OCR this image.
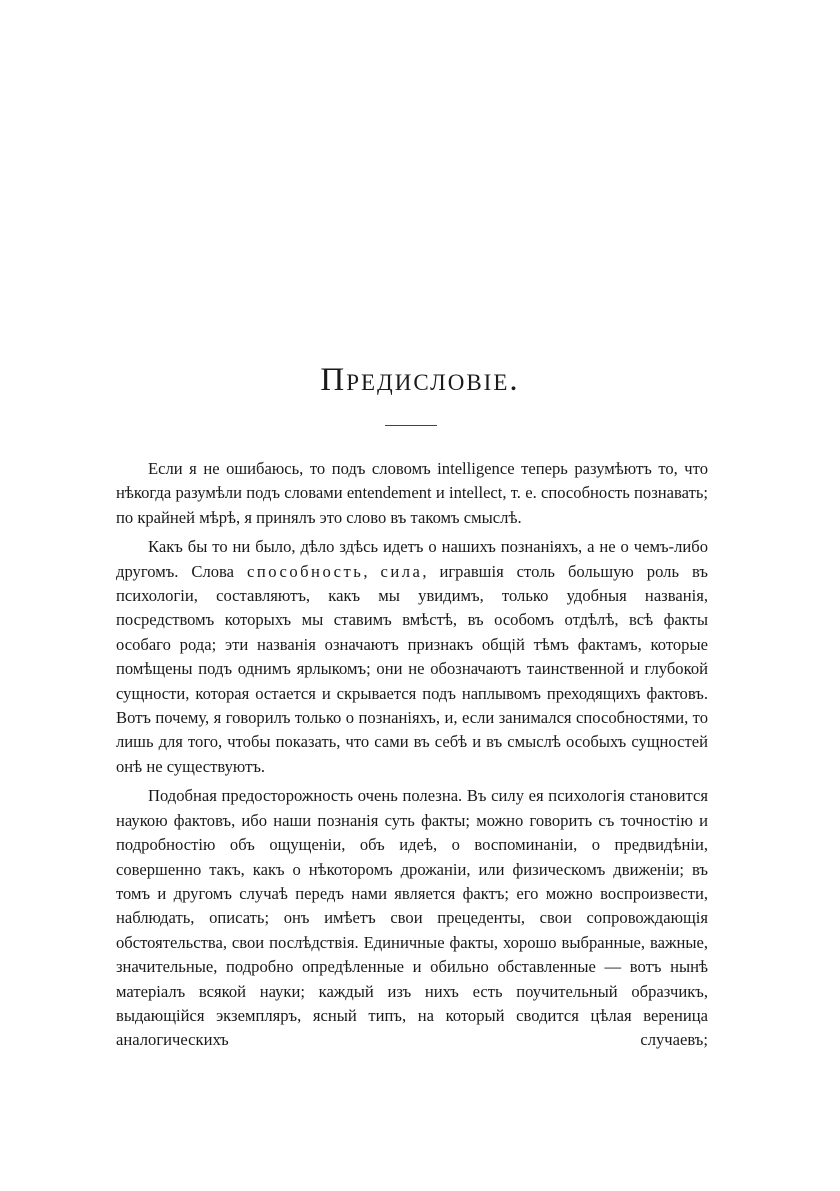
Предисловіе.

Если я не ошибаюсь, то подъ словомъ intelligence теперь разумѣютъ то, что нѣкогда разумѣли подъ словами entendement и intellect, т. е. способность познавать; по крайней мѣрѣ, я принялъ это слово въ такомъ смыслѣ.

Какъ бы то ни было, дѣло здѣсь идетъ о нашихъ познаніяхъ, а не о чемъ-либо другомъ. Слова способность, сила, игравшія столь большую роль въ психологіи, составляютъ, какъ мы увидимъ, только удобныя названія, посредствомъ которыхъ мы ставимъ вмѣстѣ, въ особомъ отдѣлѣ, всѣ факты особаго рода; эти названія означаютъ признакъ общій тѣмъ фактамъ, которые помѣщены подъ однимъ ярлыкомъ; они не обозначаютъ таинственной и глубокой сущности, которая остается и скрывается подъ наплывомъ преходящихъ фактовъ. Вотъ почему, я говорилъ только о познаніяхъ, и, если занимался способностями, то лишь для того, чтобы показать, что сами въ себѣ и въ смыслѣ особыхъ сущностей онѣ не существуютъ.

Подобная предосторожность очень полезна. Въ силу ея психологія становится наукою фактовъ, ибо наши познанія суть факты; можно говорить съ точностію и подробностію объ ощущеніи, объ идеѣ, о воспоминаніи, о предвидѣніи, совершенно такъ, какъ о нѣкоторомъ дрожаніи, или физическомъ движеніи; въ томъ и другомъ случаѣ передъ нами является фактъ; его можно воспроизвести, наблюдать, описать; онъ имѣетъ свои прецеденты, свои сопровождающія обстоятельства, свои послѣдствія. Единичные факты, хорошо выбранные, важные, значительные, подробно опредѣленные и обильно обставленные — вотъ нынѣ матеріалъ всякой науки; каждый изъ нихъ есть поучительный образчикъ, выдающійся экземпляръ, ясный типъ, на который сводится цѣлая вереница аналогическихъ случаевъ;
